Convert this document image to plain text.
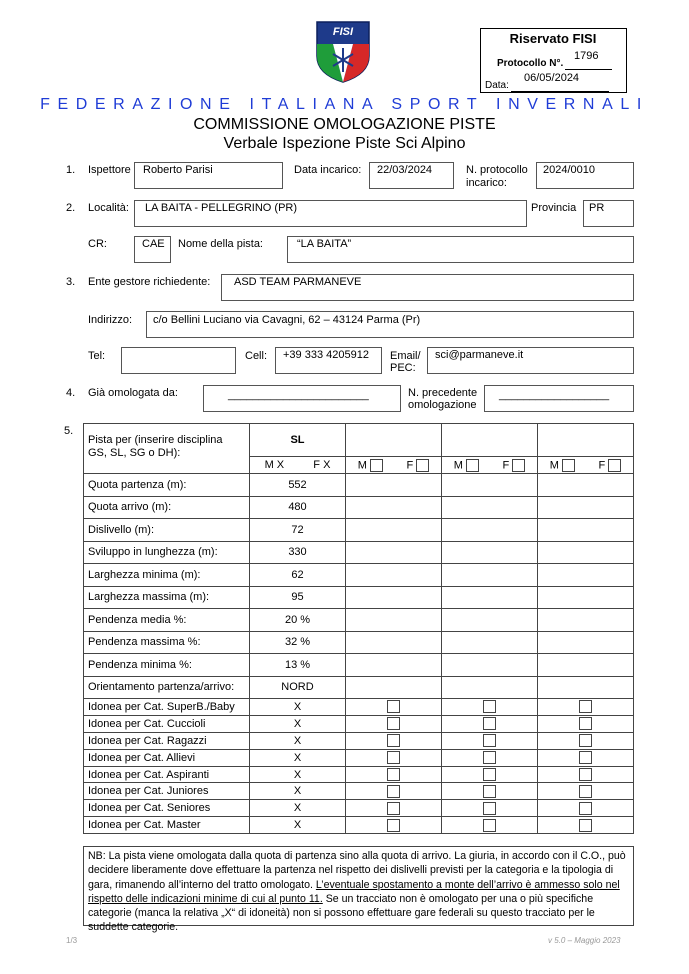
FISI	Riservato FISI
Protocollo N°.
1796
Data:
06/05/2024
FEDERAZIONE ITALIANA SPORT INVERNALI
COMMISSIONE OMOLOGAZIONE PISTE
Verbale Ispezione Piste Sci Alpino
1. Ispettore Roberto Parisi	Data incarico: 22/03/2024	N. protocollo
incarico:
2024/0010
2. Località: LA BAITA - PELLEGRINO (PR)	Provincia PR
CR:	CAE Nome della pista:	“LA BAITA”
3. Ente gestore richiedente: ASD TEAM PARMANEVE
Indirizzo: c/o Bellini Luciano via Cavagni, 62 – 43124 Parma (Pr)
Tel:	Cell: +39 333 4205912 Email/
PEC:
sci@parmaneve.it
4. Già omologata da:	_______________________	N. precedente
omologazione
__________________
5.
Pista per (inserire disciplina
GS, SL, SG o DH):	SL			

	M X F X	M F	M F	M F

Quota partenza (m):	552			
Quota arrivo (m):	480			
Dislivello (m):	72			
Sviluppo in lunghezza (m):	330			
Larghezza minima (m):	62			
Larghezza massima (m):	95			
Pendenza media %:	20 %			
Pendenza massima %:	32 %			
Pendenza minima %:	13 %			
Orientamento partenza/arrivo:	NORD			
Idonea per Cat. SuperB./Baby	X			
Idonea per Cat. Cuccioli	X			
Idonea per Cat. Ragazzi	X			
Idonea per Cat. Allievi	X			
Idonea per Cat. Aspiranti	X			
Idonea per Cat. Juniores	X			
Idonea per Cat. Seniores	X			
Idonea per Cat. Master	X			
NB: La pista viene omologata dalla quota di partenza sino alla quota di arrivo. La giuria, in accordo con il C.O., può decidere liberamente dove effettuare la partenza nel rispetto dei dislivelli previsti per la categoria e la tipologia di gara, rimanendo all’interno del tratto omologato. L’eventuale spostamento a monte dell’arrivo è ammesso solo nel rispetto delle indicazioni minime di cui al punto 11. Se un tracciato non è omologato per una o più specifiche categorie (manca la relativa „X“ di idoneità) non si possono effettuare gare federali su questo tracciato per le suddette categorie.
1/3	v 5.0 – Maggio 2023
